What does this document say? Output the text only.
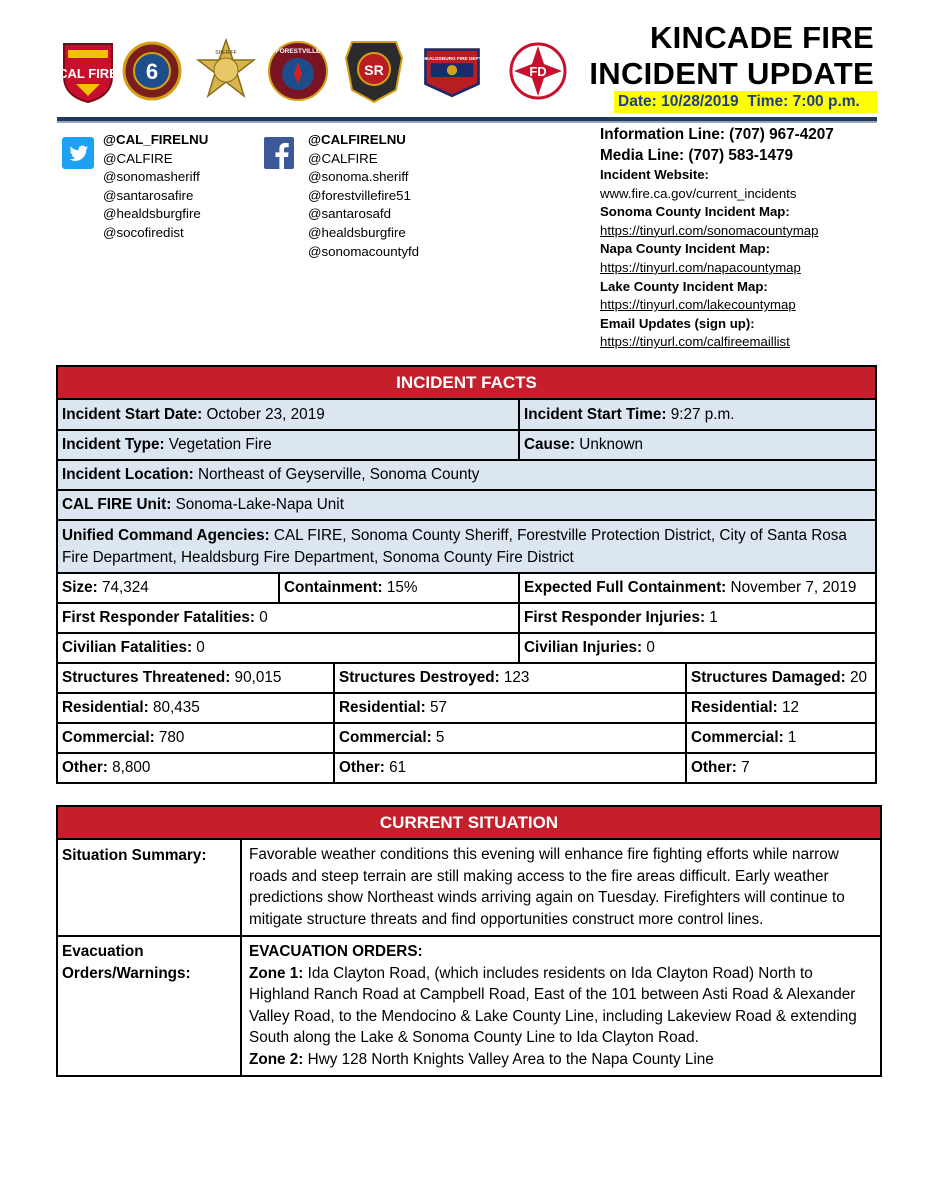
CAL FIRE 6
SHERIFF	FORESTVILLE
SR
HEALDSBURG FIRE DEPT
FD
KINCADE FIRE
INCIDENT UPDATE
Date: 10/28/2019 Time: 7:00 p.m.
@CAL_FIRELNU
@CALFIRE
@sonomasheriff
@santarosafire
@healdsburgfire
@socofiredist
@CALFIRELNU
@CALFIRE
@sonoma.sheriff
@forestvillefire51
@santarosafd
@healdsburgfire
@sonomacountyfd
Information Line: (707) 967-4207
Media Line: (707) 583-1479
Incident Website:
www.fire.ca.gov/current_incidents
Sonoma County Incident Map:
https://tinyurl.com/sonomacountymap
Napa County Incident Map:
https://tinyurl.com/napacountymap
Lake County Incident Map:
https://tinyurl.com/lakecountymap
Email Updates (sign up):
https://tinyurl.com/calfireemaillist
INCIDENT FACTS				
Incident Start Date: October 23, 2019			Incident Start Time: 9:27 p.m.	
Incident Type: Vegetation Fire			Cause: Unknown	
Incident Location: Northeast of Geyserville, Sonoma County				
CAL FIRE Unit: Sonoma-Lake-Napa Unit				
Unified Command Agencies: CAL FIRE, Sonoma County Sheriff, Forestville Protection District, City of Santa Rosa Fire Department, Healdsburg Fire Department, Sonoma County Fire District				
Size: 74,324	Containment: 15%		Expected Full Containment: November 7, 2019	
First Responder Fatalities: 0			First Responder Injuries: 1	
Civilian Fatalities: 0			Civilian Injuries: 0	
Structures Threatened: 90,015		Structures Destroyed: 123		Structures Damaged: 20
Residential: 80,435		Residential: 57		Residential: 12
Commercial: 780		Commercial: 5		Commercial: 1
Other: 8,800		Other: 61		Other: 7
CURRENT SITUATION	
Situation Summary:	Favorable weather conditions this evening will enhance fire fighting efforts while narrow roads and steep terrain are still making access to the fire areas difficult. Early weather predictions show Northeast winds arriving again on Tuesday. Firefighters will continue to mitigate structure threats and find opportunities construct more control lines.
Evacuation Orders/Warnings:	EVACUATION ORDERS:
Zone 1: Ida Clayton Road, (which includes residents on Ida Clayton Road) North to Highland Ranch Road at Campbell Road, East of the 101 between Asti Road & Alexander Valley Road, to the Mendocino & Lake County Line, including Lakeview Road & extending South along the Lake & Sonoma County Line to Ida Clayton Road.
Zone 2: Hwy 128 North Knights Valley Area to the Napa County Line
